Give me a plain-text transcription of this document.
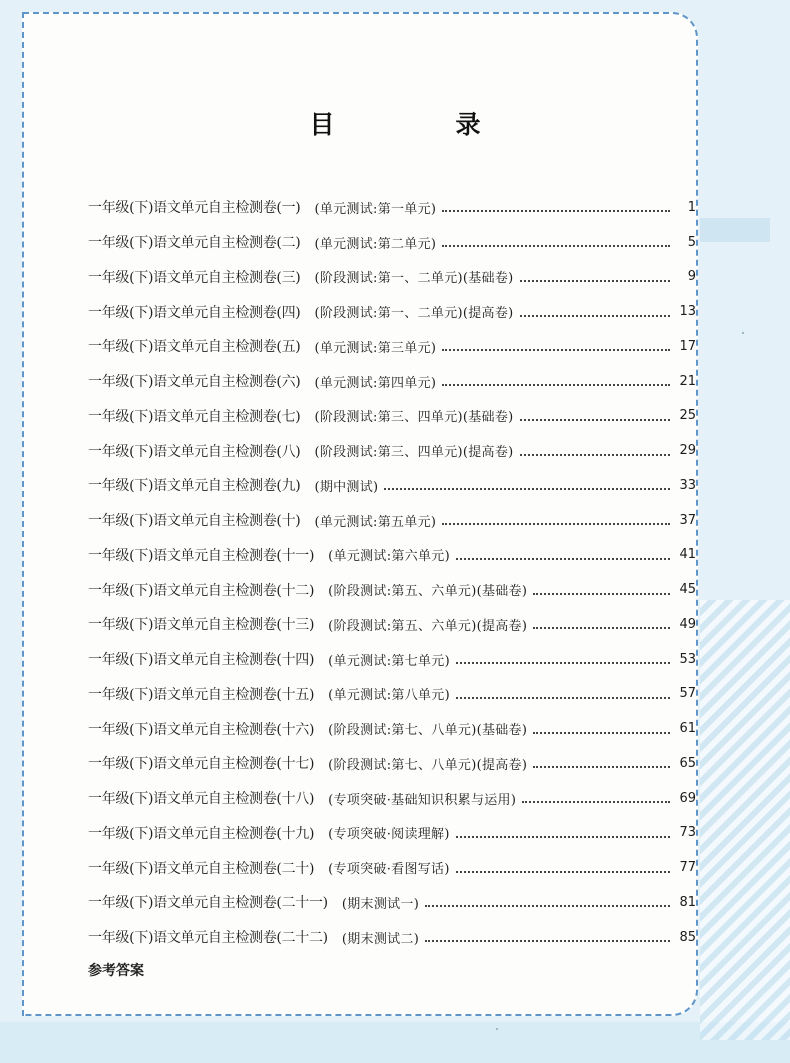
目　录
一年级(下)语文单元自主检测卷(一) (单元测试:第一单元)	1
一年级(下)语文单元自主检测卷(二) (单元测试:第二单元)	5
一年级(下)语文单元自主检测卷(三) (阶段测试:第一、二单元)(基础卷)	9
一年级(下)语文单元自主检测卷(四) (阶段测试:第一、二单元)(提高卷)	13
一年级(下)语文单元自主检测卷(五) (单元测试:第三单元)	17
一年级(下)语文单元自主检测卷(六) (单元测试:第四单元)	21
一年级(下)语文单元自主检测卷(七) (阶段测试:第三、四单元)(基础卷)	25
一年级(下)语文单元自主检测卷(八) (阶段测试:第三、四单元)(提高卷)	29
一年级(下)语文单元自主检测卷(九) (期中测试)	33
一年级(下)语文单元自主检测卷(十) (单元测试:第五单元)	37
一年级(下)语文单元自主检测卷(十一) (单元测试:第六单元)	41
一年级(下)语文单元自主检测卷(十二) (阶段测试:第五、六单元)(基础卷)	45
一年级(下)语文单元自主检测卷(十三) (阶段测试:第五、六单元)(提高卷)	49
一年级(下)语文单元自主检测卷(十四) (单元测试:第七单元)	53
一年级(下)语文单元自主检测卷(十五) (单元测试:第八单元)	57
一年级(下)语文单元自主检测卷(十六) (阶段测试:第七、八单元)(基础卷)	61
一年级(下)语文单元自主检测卷(十七) (阶段测试:第七、八单元)(提高卷)	65
一年级(下)语文单元自主检测卷(十八) (专项突破·基础知识积累与运用)	69
一年级(下)语文单元自主检测卷(十九) (专项突破·阅读理解)	73
一年级(下)语文单元自主检测卷(二十) (专项突破·看图写话)	77
一年级(下)语文单元自主检测卷(二十一) (期末测试一)	81
一年级(下)语文单元自主检测卷(二十二) (期末测试二)	85
参考答案
